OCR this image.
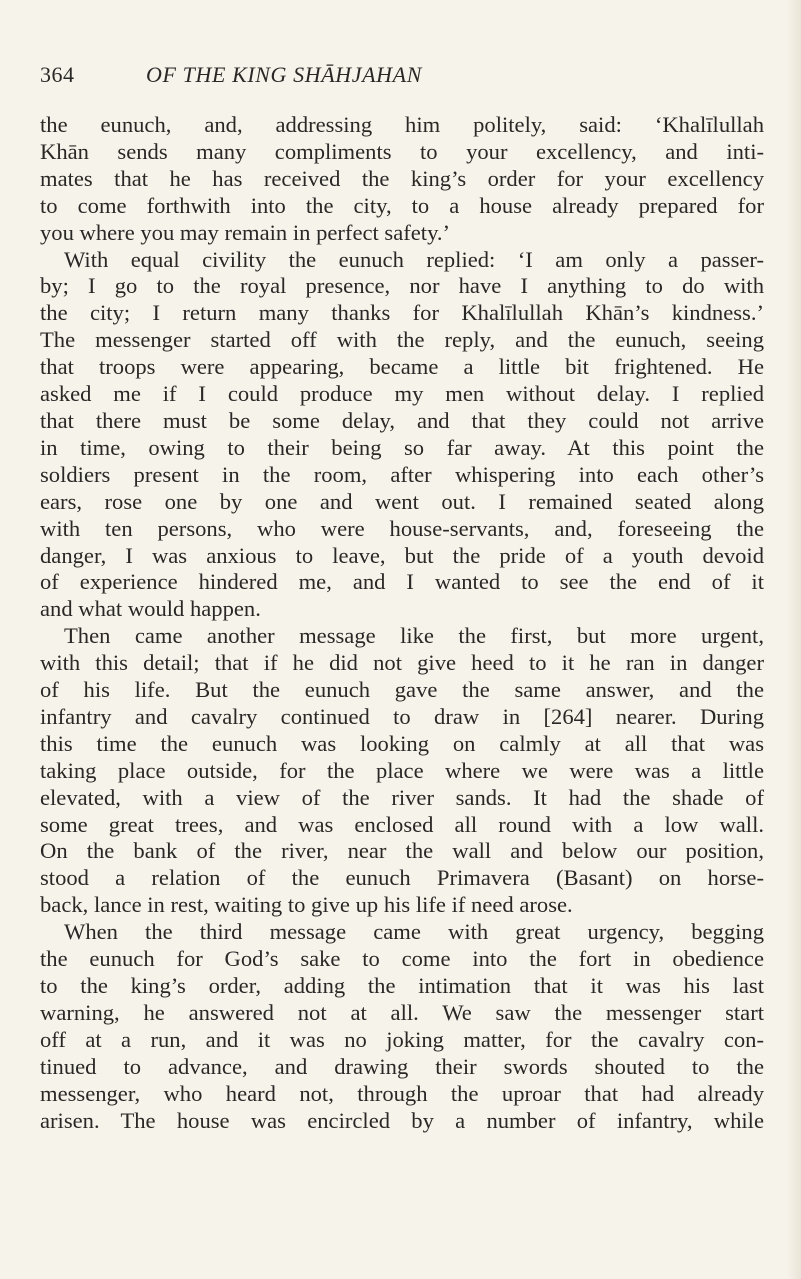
364	OF THE KING SHĀHJAHAN

the eunuch, and, addressing him politely, said: ‘Khalīlullah

Khān sends many compliments to your excellency, and inti-

mates that he has received the king’s order for your excellency

to come forthwith into the city, to a house already prepared for

you where you may remain in perfect safety.’

With equal civility the eunuch replied: ‘I am only a passer-

by; I go to the royal presence, nor have I anything to do with

the city; I return many thanks for Khalīlullah Khān’s kindness.’

The messenger started off with the reply, and the eunuch, seeing

that troops were appearing, became a little bit frightened. He

asked me if I could produce my men without delay. I replied

that there must be some delay, and that they could not arrive

in time, owing to their being so far away. At this point the

soldiers present in the room, after whispering into each other’s

ears, rose one by one and went out. I remained seated along

with ten persons, who were house-servants, and, foreseeing the

danger, I was anxious to leave, but the pride of a youth devoid

of experience hindered me, and I wanted to see the end of it

and what would happen.

Then came another message like the first, but more urgent,

with this detail; that if he did not give heed to it he ran in danger

of his life. But the eunuch gave the same answer, and the

infantry and cavalry continued to draw in [264] nearer. During

this time the eunuch was looking on calmly at all that was

taking place outside, for the place where we were was a little

elevated, with a view of the river sands. It had the shade of

some great trees, and was enclosed all round with a low wall.

On the bank of the river, near the wall and below our position,

stood a relation of the eunuch Primavera (Basant) on horse-

back, lance in rest, waiting to give up his life if need arose.

When the third message came with great urgency, begging

the eunuch for God’s sake to come into the fort in obedience

to the king’s order, adding the intimation that it was his last

warning, he answered not at all. We saw the messenger start

off at a run, and it was no joking matter, for the cavalry con-

tinued to advance, and drawing their swords shouted to the

messenger, who heard not, through the uproar that had already

arisen. The house was encircled by a number of infantry, while
